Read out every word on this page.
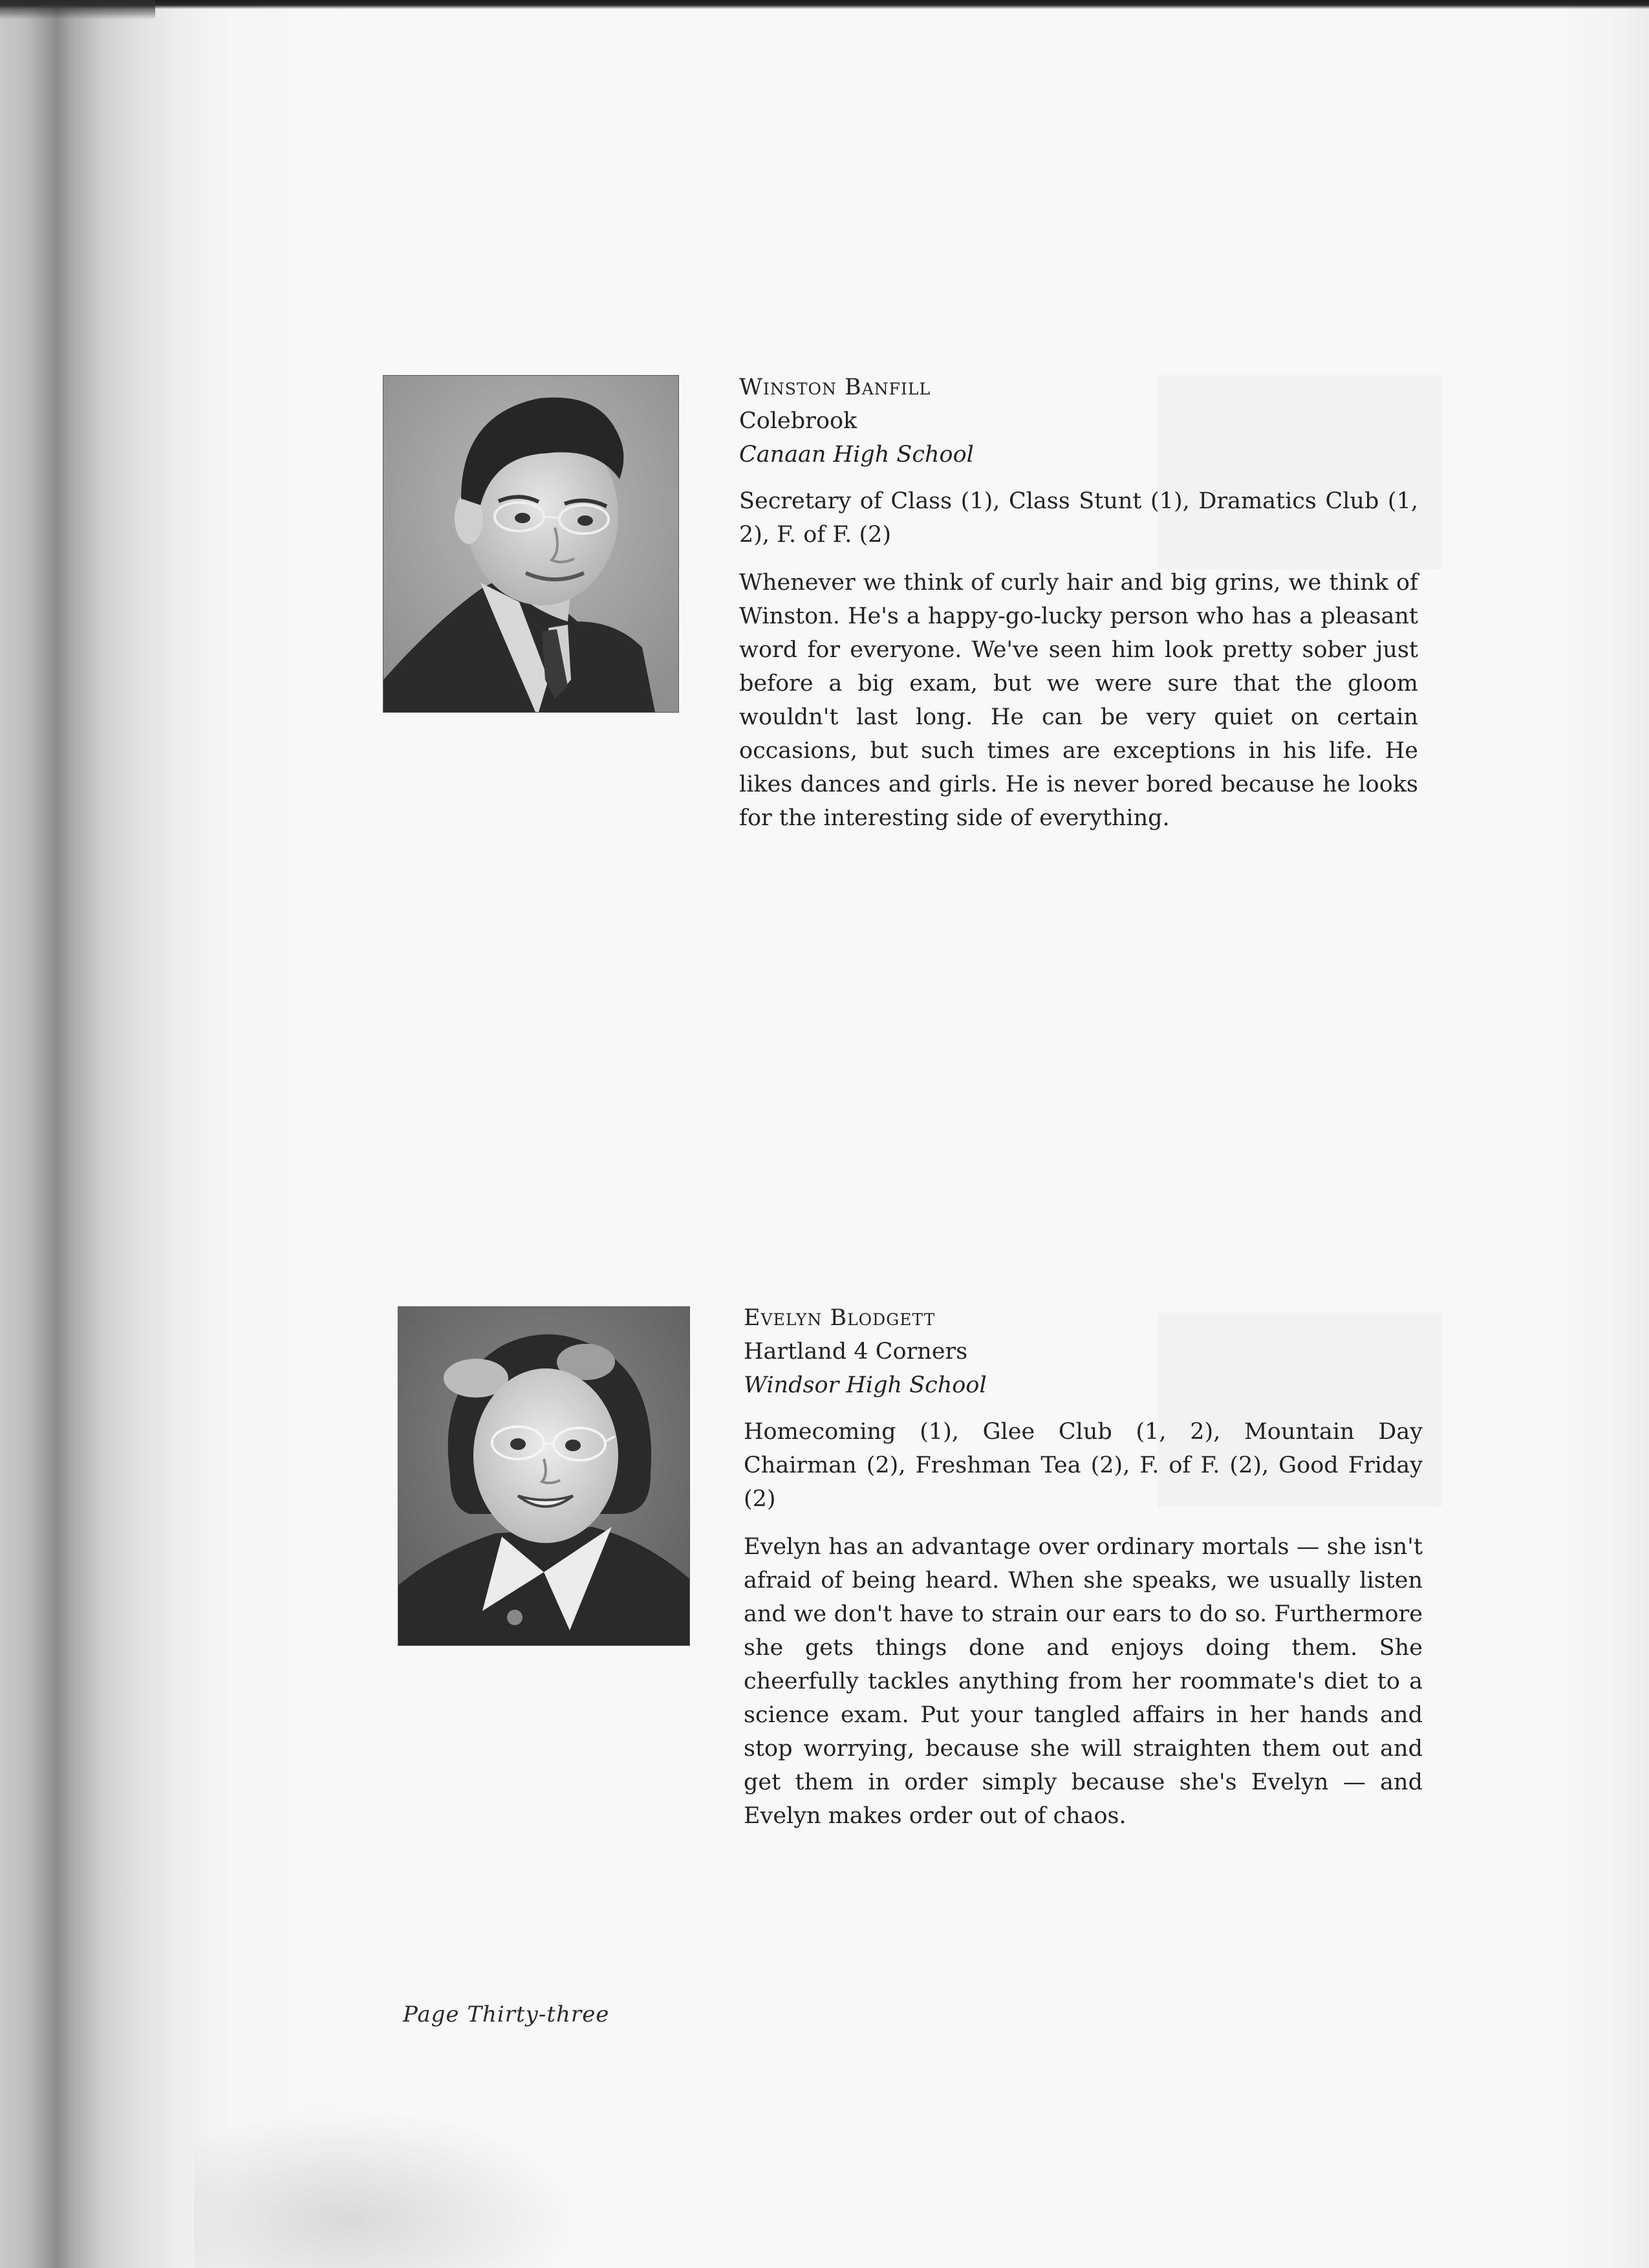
Winston Banfill
Colebrook
Canaan High School
Secretary of Class (1), Class Stunt (1), Dramatics Club (1, 2), F. of F. (2)
Whenever we think of curly hair and big grins, we think of Winston. He's a happy-go-lucky person who has a pleasant word for everyone. We've seen him look pretty sober just before a big exam, but we were sure that the gloom wouldn't last long. He can be very quiet on certain occasions, but such times are exceptions in his life. He likes dances and girls. He is never bored because he looks for the interesting side of everything.
Evelyn Blodgett
Hartland 4 Corners
Windsor High School
Homecoming (1), Glee Club (1, 2), Mountain Day Chairman (2), Freshman Tea (2), F. of F. (2), Good Friday (2)
Evelyn has an advantage over ordinary mortals — she isn't afraid of being heard. When she speaks, we usually listen and we don't have to strain our ears to do so. Furthermore she gets things done and enjoys doing them. She cheerfully tackles anything from her roommate's diet to a science exam. Put your tangled affairs in her hands and stop worrying, because she will straighten them out and get them in order simply because she's Evelyn — and Evelyn makes order out of chaos.
Page Thirty-three
